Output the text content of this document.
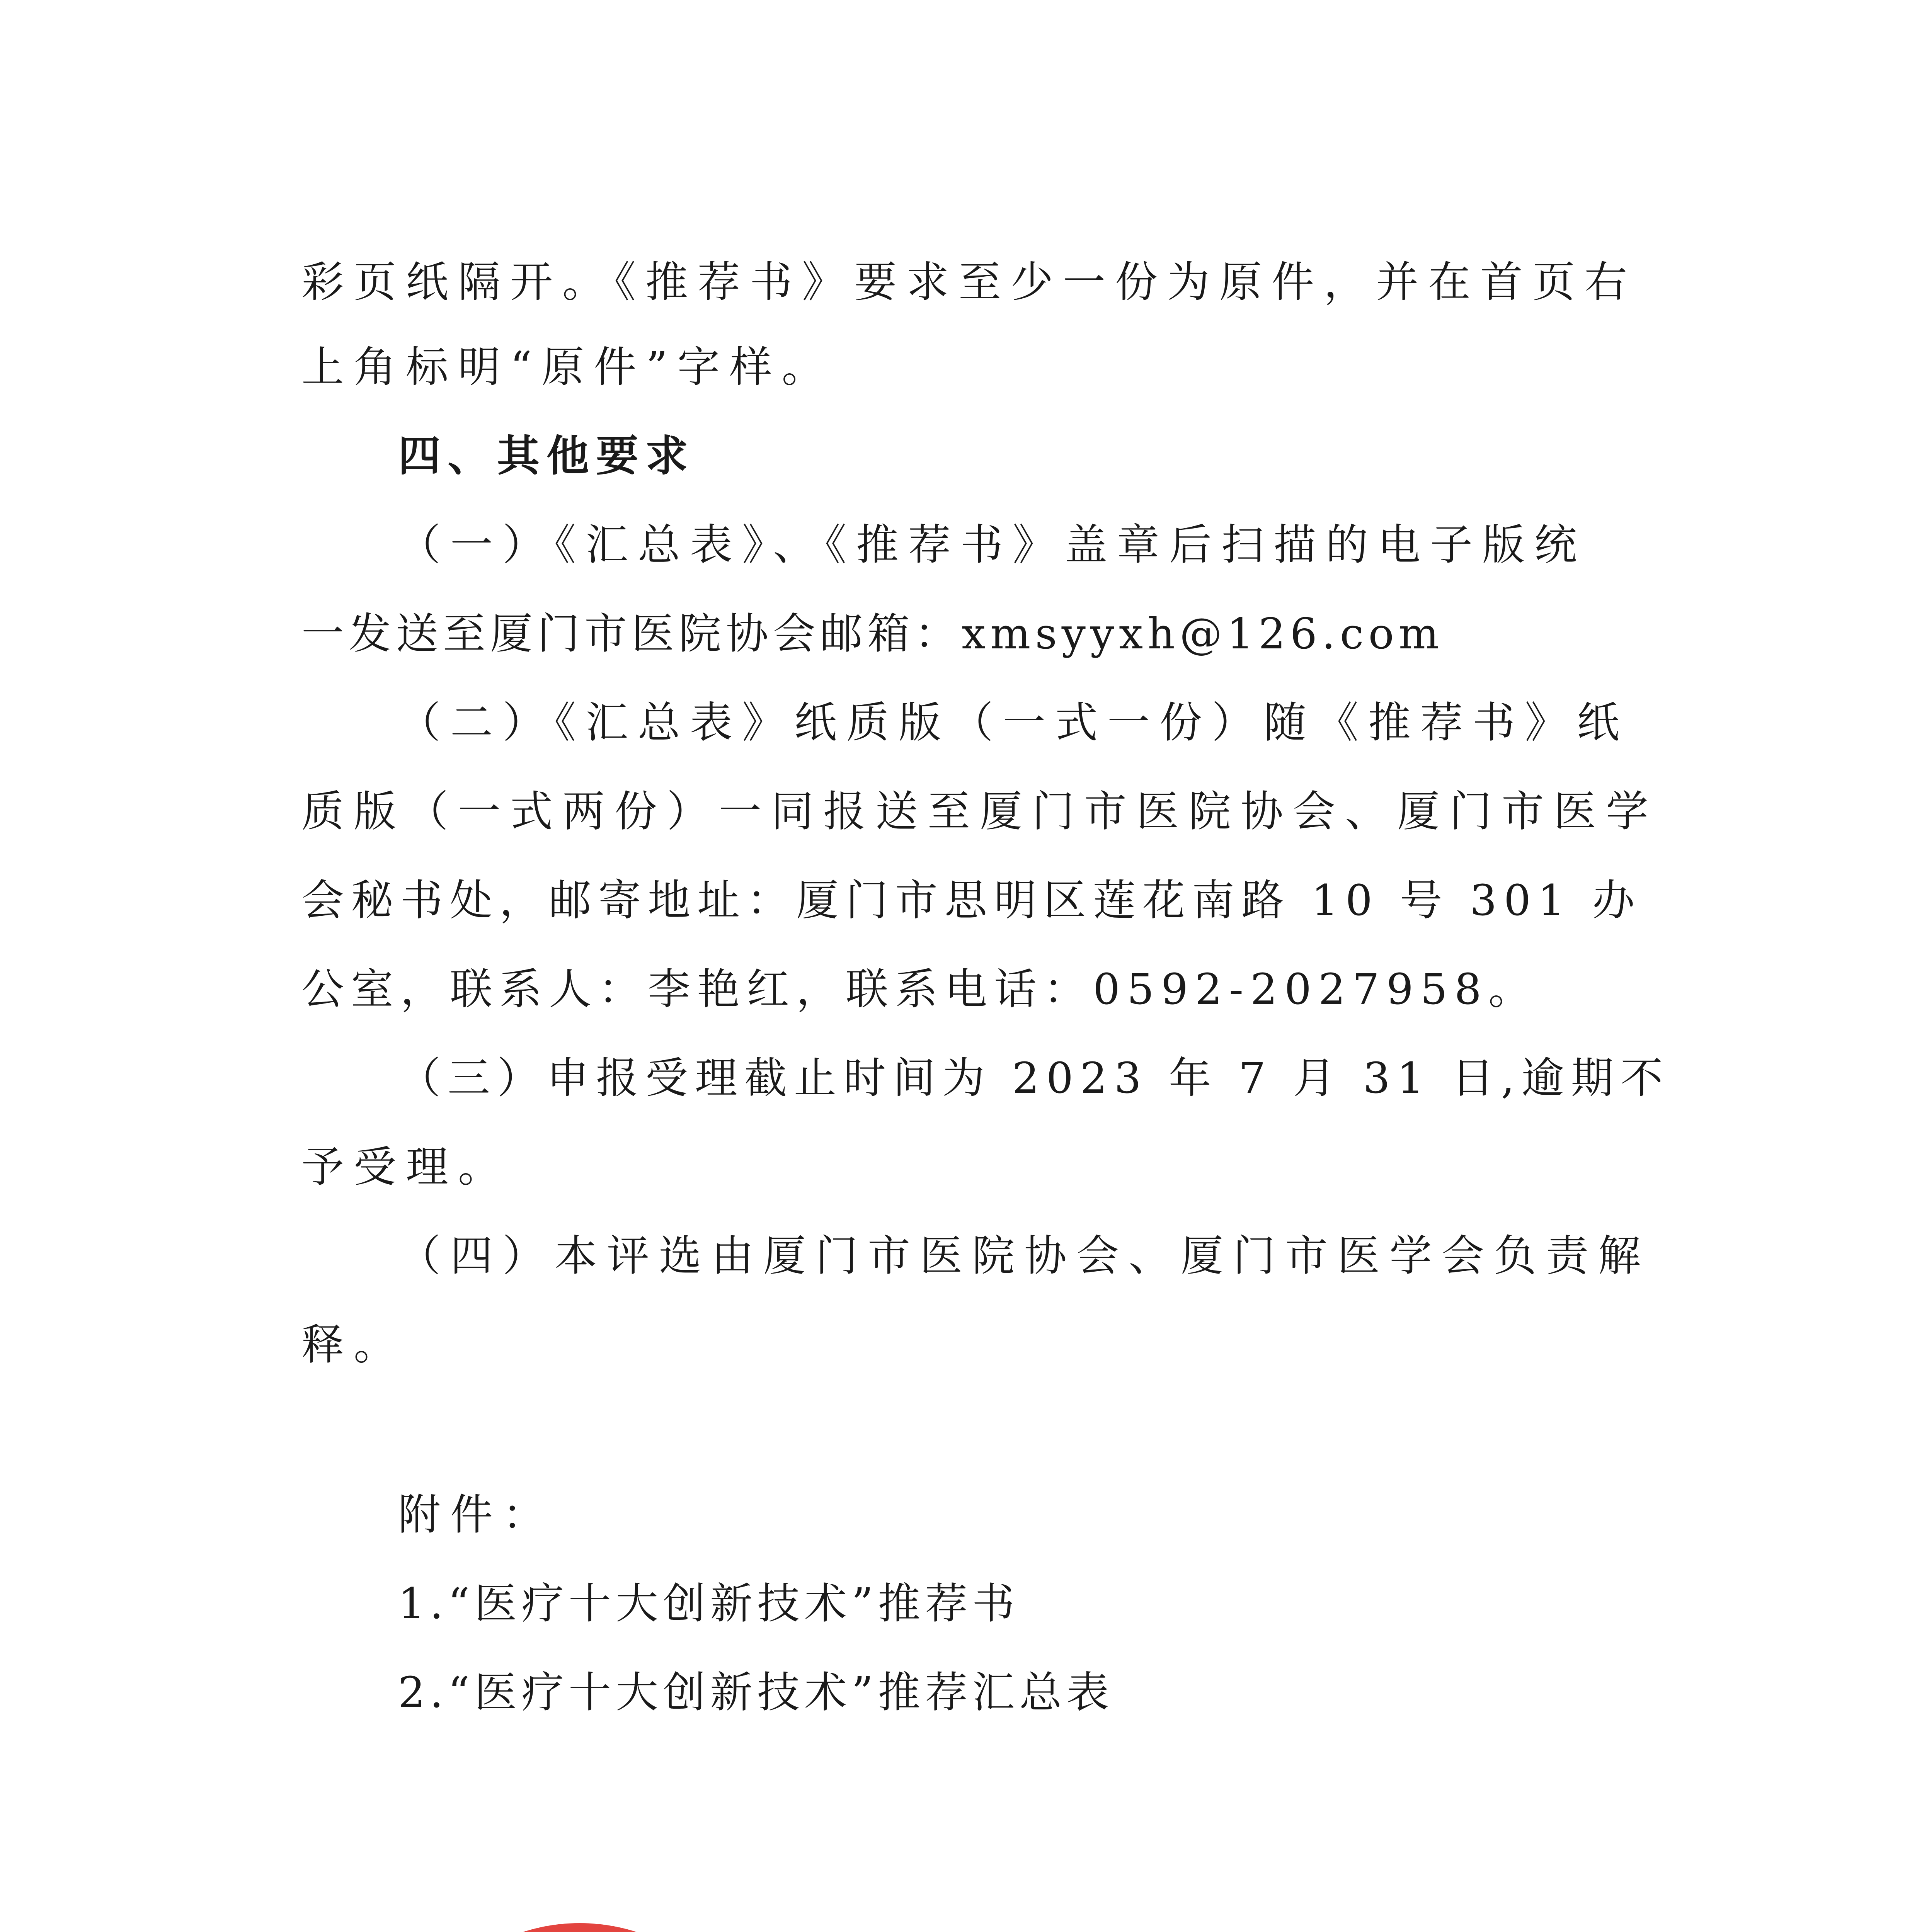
彩页纸隔开。《推荐书》要求至少一份为原件，并在首页右
上角标明“原件”字样。
四、其他要求
（一）《汇总表》、《推荐书》盖章后扫描的电子版统
一发送至厦门市医院协会邮箱：xmsyyxh@126.com
（二）《汇总表》纸质版（一式一份）随《推荐书》纸
质版（一式两份）一同报送至厦门市医院协会、厦门市医学
会秘书处，邮寄地址：厦门市思明区莲花南路 10 号 301 办
公室，联系人：李艳红，联系电话：0592-2027958。
（三）申报受理截止时间为 2023 年 7 月 31 日,逾期不
予受理。
（四）本评选由厦门市医院协会、厦门市医学会负责解
释。
附件：
1.“医疗十大创新技术”推荐书
2.“医疗十大创新技术”推荐汇总表
